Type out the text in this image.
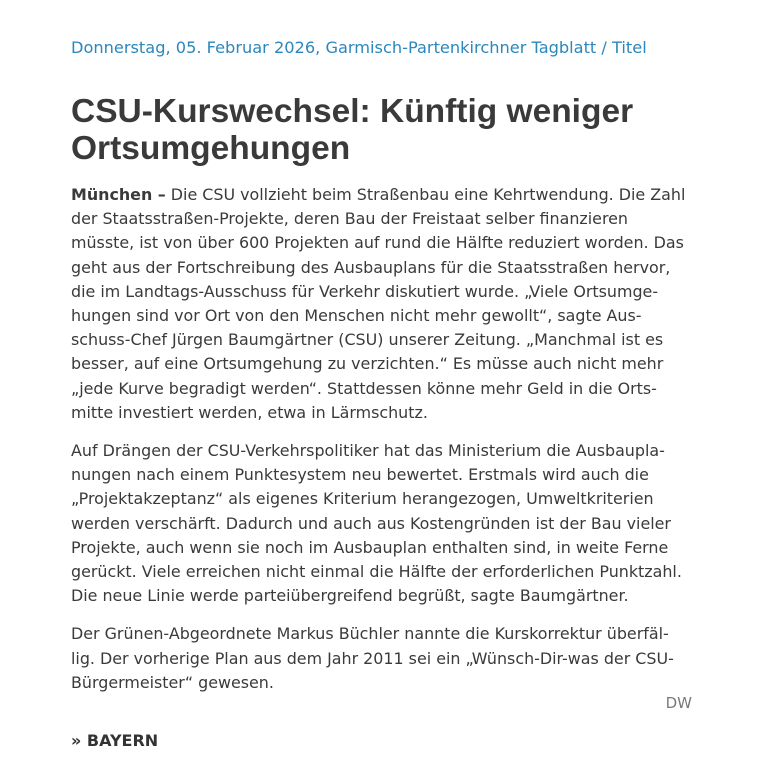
Donnerstag, 05. Februar 2026, Garmisch-Partenkirchner Tagblatt / Titel
CSU-Kurswechsel: Künftig weniger Ortsumgehungen

München – Die CSU vollzieht beim Straßenbau eine Kehrtwendung. Die Zahl
der Staatsstraßen-Projekte, deren Bau der Freistaat selber finanzieren
müsste, ist von über 600 Projekten auf rund die Hälfte reduziert worden. Das
geht aus der Fortschreibung des Ausbauplans für die Staatsstraßen hervor,
die im Landtags-Ausschuss für Verkehr diskutiert wurde. „Viele Ortsumge-
hungen sind vor Ort von den Menschen nicht mehr gewollt“, sagte Aus-
schuss-Chef Jürgen Baumgärtner (CSU) unserer Zeitung. „Manchmal ist es
besser, auf eine Ortsumgehung zu verzichten.“ Es müsse auch nicht mehr
„jede Kurve begradigt werden“. Stattdessen könne mehr Geld in die Orts-
mitte investiert werden, etwa in Lärmschutz.

Auf Drängen der CSU-Verkehrspolitiker hat das Ministerium die Ausbaupla-
nungen nach einem Punktesystem neu bewertet. Erstmals wird auch die
„Projektakzeptanz“ als eigenes Kriterium herangezogen, Umweltkriterien
werden verschärft. Dadurch und auch aus Kostengründen ist der Bau vieler
Projekte, auch wenn sie noch im Ausbauplan enthalten sind, in weite Ferne
gerückt. Viele erreichen nicht einmal die Hälfte der erforderlichen Punktzahl.
Die neue Linie werde parteiübergreifend begrüßt, sagte Baumgärtner.

Der Grünen-Abgeordnete Markus Büchler nannte die Kurskorrektur überfäl-
lig. Der vorherige Plan aus dem Jahr 2011 sei ein „Wünsch-Dir-was der CSU-
Bürgermeister“ gewesen.

DW
» BAYERN
